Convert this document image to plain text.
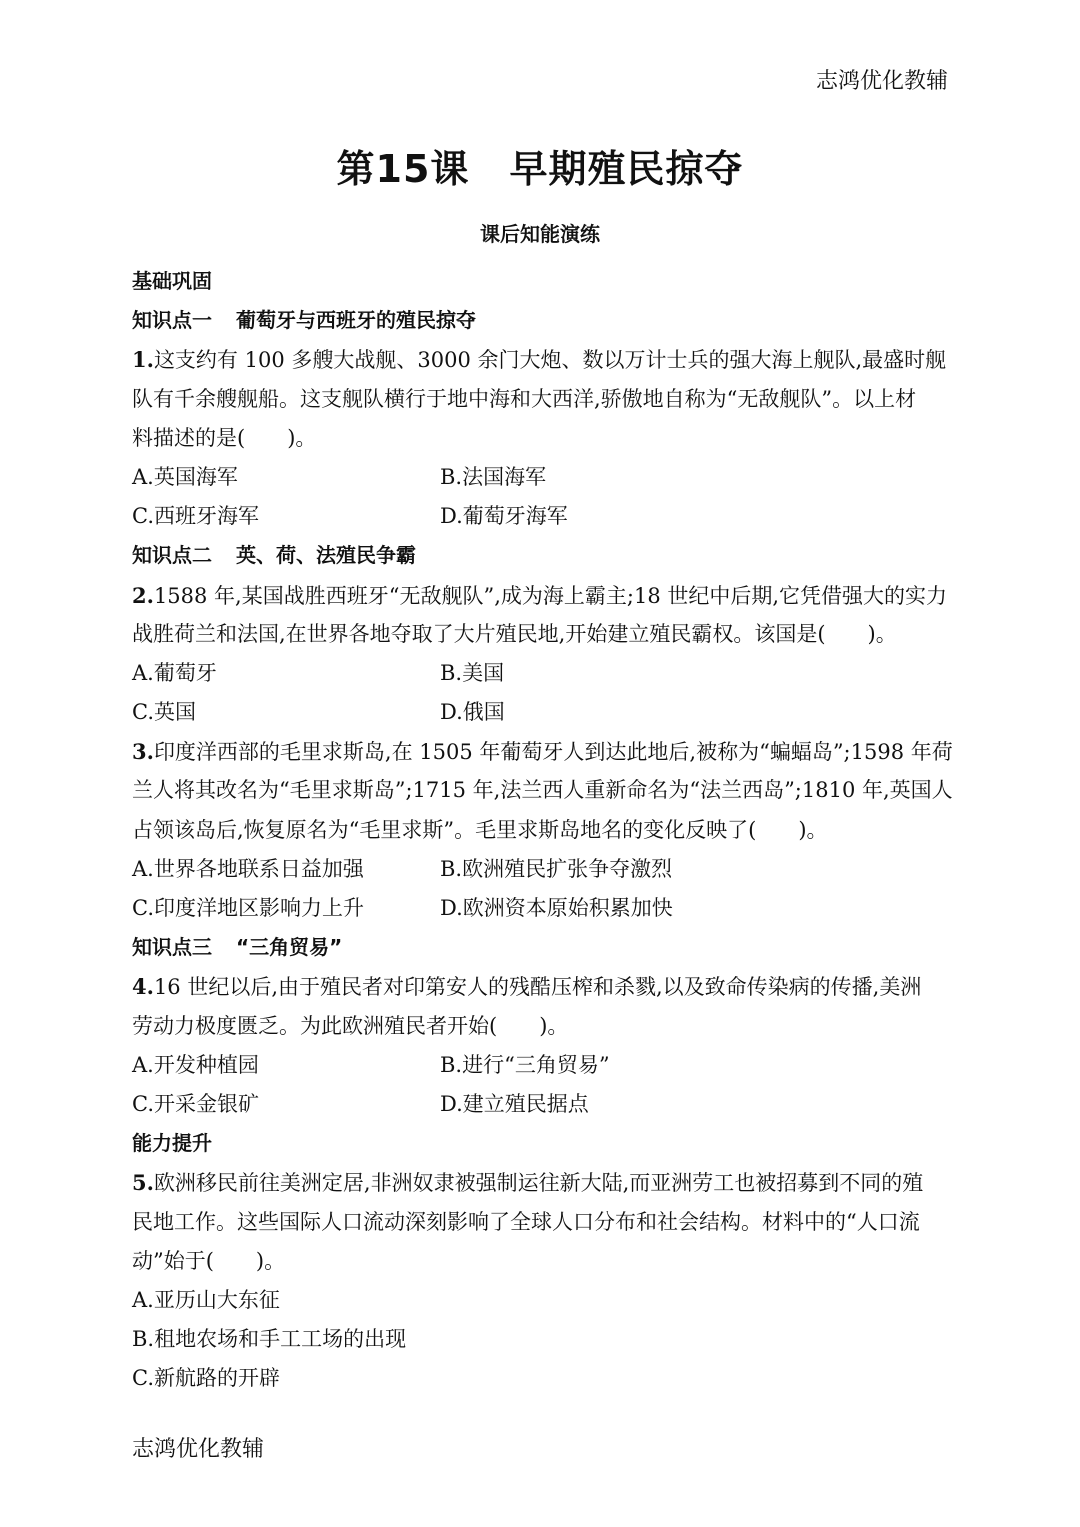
志鸿优化教辅
第15课 早期殖民掠夺
课后知能演练
基础巩固
知识点一 葡萄牙与西班牙的殖民掠夺
1.这支约有 100 多艘大战舰、3000 余门大炮、数以万计士兵的强大海上舰队,最盛时舰
队有千余艘舰船。这支舰队横行于地中海和大西洋,骄傲地自称为“无敌舰队”。以上材
料描述的是(　　)。
A.英国海军	B.法国海军
C.西班牙海军	D.葡萄牙海军
知识点二 英、荷、法殖民争霸
2.1588 年,某国战胜西班牙“无敌舰队”,成为海上霸主;18 世纪中后期,它凭借强大的实力
战胜荷兰和法国,在世界各地夺取了大片殖民地,开始建立殖民霸权。该国是(　　)。
A.葡萄牙	B.美国
C.英国	D.俄国
3.印度洋西部的毛里求斯岛,在 1505 年葡萄牙人到达此地后,被称为“蝙蝠岛”;1598 年荷
兰人将其改名为“毛里求斯岛”;1715 年,法兰西人重新命名为“法兰西岛”;1810 年,英国人
占领该岛后,恢复原名为“毛里求斯”。毛里求斯岛地名的变化反映了(　　)。
A.世界各地联系日益加强	B.欧洲殖民扩张争夺激烈
C.印度洋地区影响力上升	D.欧洲资本原始积累加快
知识点三 “三角贸易”
4.16 世纪以后,由于殖民者对印第安人的残酷压榨和杀戮,以及致命传染病的传播,美洲
劳动力极度匮乏。为此欧洲殖民者开始(　　)。
A.开发种植园	B.进行“三角贸易”
C.开采金银矿	D.建立殖民据点
能力提升
5.欧洲移民前往美洲定居,非洲奴隶被强制运往新大陆,而亚洲劳工也被招募到不同的殖
民地工作。这些国际人口流动深刻影响了全球人口分布和社会结构。材料中的“人口流
动”始于(　　)。
A.亚历山大东征
B.租地农场和手工工场的出现
C.新航路的开辟
志鸿优化教辅
